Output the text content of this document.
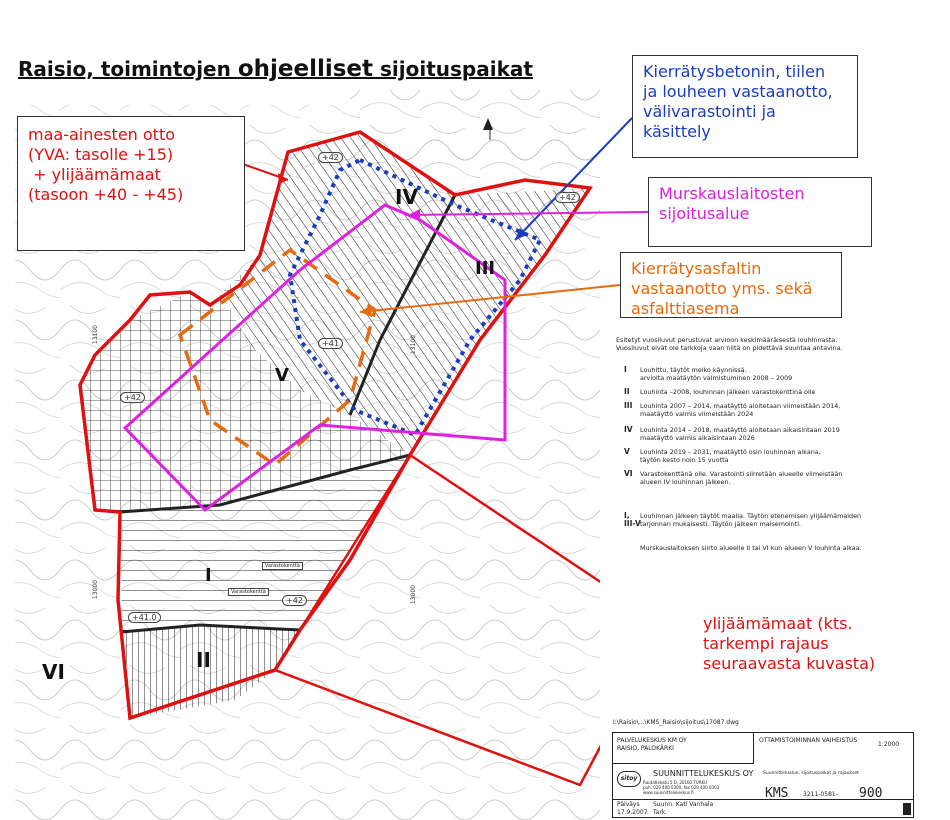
Raisio, toimintojen ohjeelliset sijoituspaikat
IV
III
V
I
II
VI
+42
+42
+41
+42
+42
+41.0
13100
13100
13000	13000
Varastokenttä
Varastokenttä
maa-ainesten otto
(YVA: tasolle +15)
+ ylijäämämaat
(tasoon +40 - +45)
Kierrätysbetonin, tiilen
ja louheen vastaanotto,
välivarastointi ja
käsittely
Murskauslaitosten
sijoitusalue
Kierrätysasfaltin
vastaanotto yms. sekä
asfalttiasema
ylijäämämaat (kts.
tarkempi rajaus
seuraavasta kuvasta)
Esitetyt vuosiluvut perustuvat arvioon keskimääräisestä louhinnasta.
Vuosiluvut eivät ole tarkkoja vaan niitä on pidettävä suuntaa antavina.
I Louhittu, täytöt melko käynnissä.
arviolta maatäytön valmistuminen 2008 – 2009
II Louhinta –2008, louhinnan jälkeen varastokenttinä olle
III Louhinta 2007 – 2014, maatäyttö aloitetaan viimeistään 2014,
maatäyttö valmis viimeistään 2024
IV Louhinta 2014 – 2018, maatäyttö aloitetaan aikaisintaan 2019
maatäyttö valmis aikaisintaan 2026
V Louhinta 2019 – 2031, maatäyttö osin louhinnan aikana,
täytön kesto noin 15 vuotta
VI Varastokenttänä olle. Varastointi siirretään alueelle viimeistään
alueen IV louhinnan jälkeen.
I, Louhinnan jälkeen täytöt maalla. Täytön etenemisen ylijäämämaiden
III-V tarjonnan mukaisesti. Täytön jälkeen maisemointi.
Murskauslaitoksen siirto alueelle II tai VI kun alueen V louhinta alkaa.
I:\Raisio\...\KMS_Raisio\sijoitus\17087.dwg
PALVELUKESKUS KM OY
RAISIO, PALOKÄRKI
OTTAMISTOIMINNAN VAIHEISTUS
1:2000
sitoy
SUUNNITTELUKESKUS OY
Rautatiekatu 5 D, 20100 TURKU
puh. 029 400 0300, fax 029 400 0303
www.suunnittelukeskus.fi
Suunnittelualue, sijoituspaikat ja rajaukset
KMS 3211-0581- 900
Päiväys
17.9.2007
Suunn. Kati Vanhala
Tark.
